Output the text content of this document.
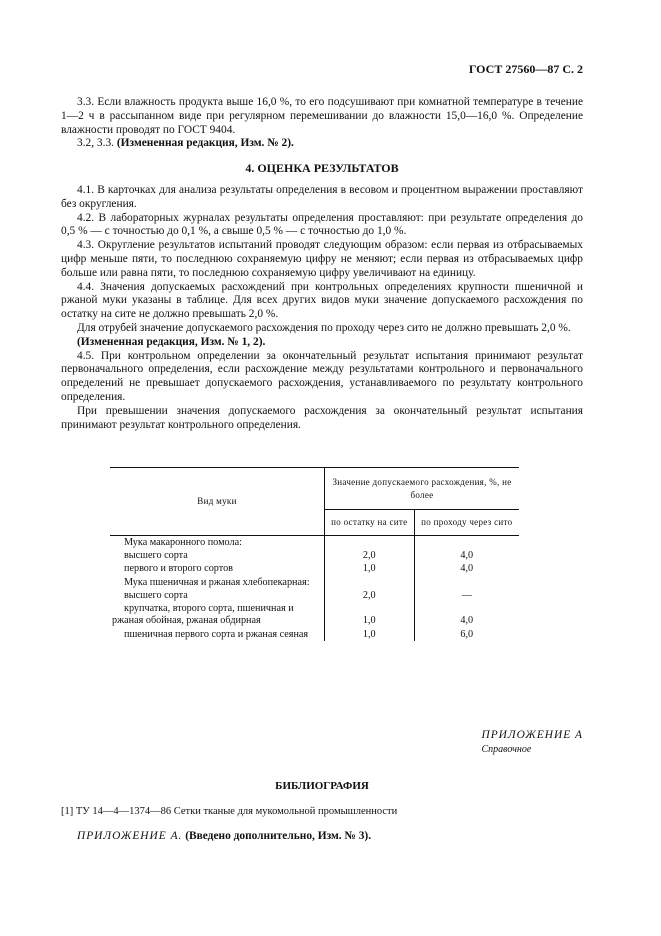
ГОСТ 27560—87 С. 2

3.3. Если влажность продукта выше 16,0 %, то его подсушивают при комнатной температуре в течение 1—2 ч в рассыпанном виде при регулярном перемешивании до влажности 15,0—16,0 %. Определение влажности проводят по ГОСТ 9404.

3.2, 3.3. (Измененная редакция, Изм. № 2).

4. ОЦЕНКА РЕЗУЛЬТАТОВ

4.1. В карточках для анализа результаты определения в весовом и процентном выражении проставляют без округления.

4.2. В лабораторных журналах результаты определения проставляют: при результате определения до 0,5 % — с точностью до 0,1 %, а свыше 0,5 % — с точностью до 1,0 %.

4.3. Округление результатов испытаний проводят следующим образом: если первая из отбрасываемых цифр меньше пяти, то последнюю сохраняемую цифру не меняют; если первая из отбрасываемых цифр больше или равна пяти, то последнюю сохраняемую цифру увеличивают на единицу.

4.4. Значения допускаемых расхождений при контрольных определениях крупности пшеничной и ржаной муки указаны в таблице. Для всех других видов муки значение допускаемого расхождения по остатку на сите не должно превышать 2,0 %.

Для отрубей значение допускаемого расхождения по проходу через сито не должно превышать 2,0 %.

(Измененная редакция, Изм. № 1, 2).

4.5. При контрольном определении за окончательный результат испытания принимают результат первоначального определения, если расхождение между результатами контрольного и первоначального определений не превышает допускаемого расхождения, устанавливаемого по результату контрольного определения.

При превышении значения допускаемого расхождения за окончательный результат испытания принимают результат контрольного определения.

Вид муки	Значение допускаемого расхождения, %, не более	
	по остатку на сите	по проходу через сито
Мука макаронного помола:		
высшего сорта	2,0	4,0
первого и второго сортов	1,0	4,0
Мука пшеничная и ржаная хлебопекарная:		
высшего сорта	2,0	—
крупчатка, второго сорта, пшеничная и ржаная обойная, ржаная обдирная	1,0	4,0
пшеничная первого сорта и ржаная сеяная	1,0	6,0
ПРИЛОЖЕНИЕ А
Справочное
БИБЛИОГРАФИЯ
[1] ТУ 14—4—1374—86 Сетки тканые для мукомольной промышленности
ПРИЛОЖЕНИЕ А. (Введено дополнительно, Изм. № 3).
